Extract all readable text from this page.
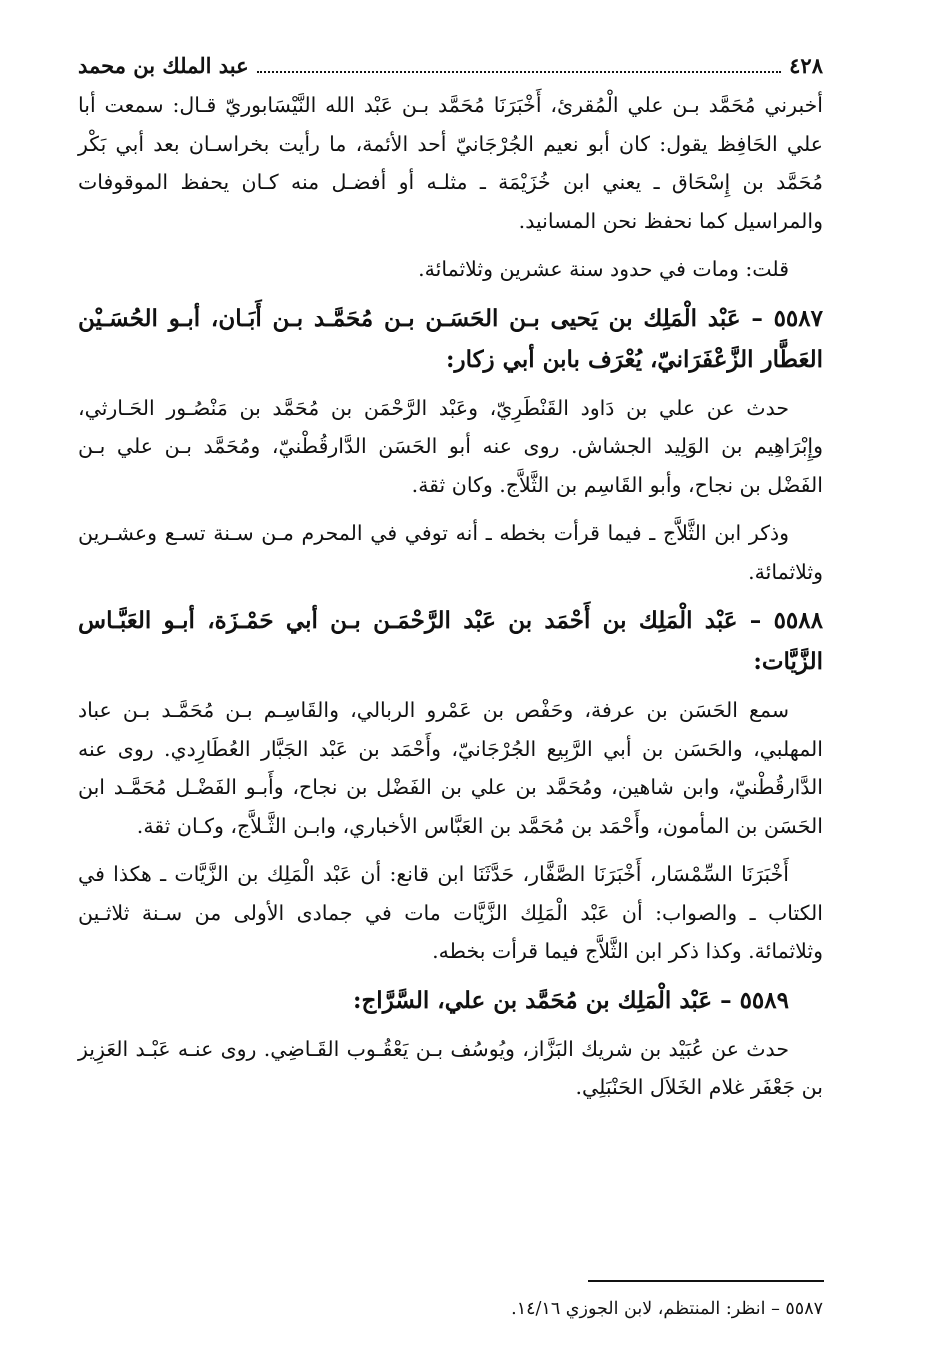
٤٢٨
عبد الملك بن محمد

أخبرني مُحَمَّد بـن علي الْمُقرئ، أَخْبَرَنَا مُحَمَّد بـن عَبْد الله النَّيْسَابوريّ قـال: سمعت أبا علي الحَافِظ يقول: كان أبو نعيم الجُرْجَانيّ أحد الأئمة، ما رأيت بخراسـان بعد أبي بَكْر مُحَمَّد بن إِسْحَاق ـ يعني ابن خُزَيْمَة ـ مثلـه أو أفضـل منه كـان يحفظ الموقوفات والمراسيل كما نحفظ نحن المسانيد.

قلت: ومات في حدود سنة عشرين وثلاثمائة.

٥٥٨٧ – عَبْد الْمَلِك بن يَحيى بـن الحَسَـن بـن مُحَمَّـد بـن أَبَـان، أبـو الحُسَـيْن العَطَّار الزَّعْفَرَانيّ، يُعْرَف بابن أبي زكار:

حدث عن علي بن دَاود القَنْطَرِيّ، وعَبْد الرَّحْمَن بن مُحَمَّد بن مَنْصُـور الحَـارثي، وإِبْرَاهِيم بن الوَلِيد الجشاش. روى عنه أبو الحَسَن الدَّارقُطْنيّ، ومُحَمَّد بـن علي بـن الفَضْل بن نجاح، وأبو القَاسِم بن الثَّلاَّج. وكان ثقة.

وذكر ابن الثَّلاَّج ـ فيما قرأت بخطه ـ أنه توفي في المحرم مـن سـنة تسـع وعشـرين وثلاثمائة.

٥٥٨٨ – عَبْد الْمَلِك بن أَحْمَد بن عَبْد الرَّحْمَـن بـن أبي حَمْـزَة، أبـو العَبَّـاس الزَّيَّات:

سمع الحَسَن بن عرفة، وحَفْص بن عَمْرو الربالي، والقَاسِـم بـن مُحَمَّـد بـن عباد المهلبي، والحَسَن بن أبي الرَّبِيع الجُرْجَانيّ، وأَحْمَد بن عَبْد الجَبَّار العُطَارِدي. روى عنه الدَّارقُطْنيّ، وابن شاهين، ومُحَمَّد بن علي بن الفَضْل بن نجاح، وأَبـو الفَضْـل مُحَمَّـد ابن الحَسَن بن المأمون، وأَحْمَد بن مُحَمَّد بن العَبَّاس الأخباري، وابـن الثَّـلاَّج، وكـان ثقة.

أَخْبَرَنَا السِّمْسَار، أَخْبَرَنَا الصَّفَّار، حَدَّثَنَا ابن قانع: أن عَبْد الْمَلِك بن الزَّيَّات ـ هكذا في الكتاب ـ والصواب: أن عَبْد الْمَلِك الزَّيَّات مات في جمادى الأولى من سـنة ثلاثـين وثلاثمائة. وكذا ذكر ابن الثَّلاَّج فيما قرأت بخطه.

٥٥٨٩ – عَبْد الْمَلِك بن مُحَمَّد بن علي، السَّرَّاج:

حدث عن عُبَيْد بن شريك البَزَّاز، ويُوسُف بـن يَعْقُـوب القَـاضِي. روى عنـه عَبْـد العَزِيز بن جَعْفَر غلام الخَلاَل الحَنْبَلِي.

٥٥٨٧ – انظر: المنتظم، لابن الجوزي ١٤/١٦.
